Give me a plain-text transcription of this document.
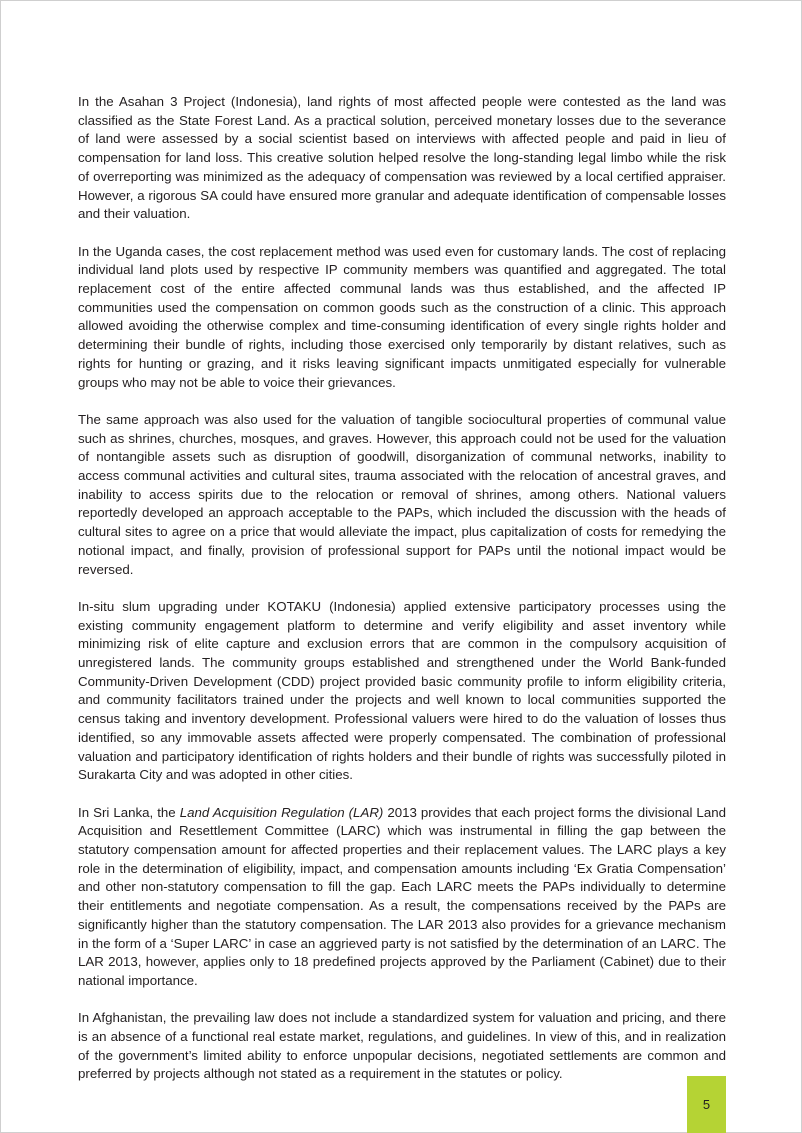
In the Asahan 3 Project (Indonesia), land rights of most affected people were contested as the land was classified as the State Forest Land. As a practical solution, perceived monetary losses due to the severance of land were assessed by a social scientist based on interviews with affected people and paid in lieu of compensation for land loss. This creative solution helped resolve the long-standing legal limbo while the risk of overreporting was minimized as the adequacy of compensation was reviewed by a local certified appraiser. However, a rigorous SA could have ensured more granular and adequate identification of compensable losses and their valuation.

In the Uganda cases, the cost replacement method was used even for customary lands. The cost of replacing individual land plots used by respective IP community members was quantified and aggregated. The total replacement cost of the entire affected communal lands was thus established, and the affected IP communities used the compensation on common goods such as the construction of a clinic. This approach allowed avoiding the otherwise complex and time-consuming identification of every single rights holder and determining their bundle of rights, including those exercised only temporarily by distant relatives, such as rights for hunting or grazing, and it risks leaving significant impacts unmitigated especially for vulnerable groups who may not be able to voice their grievances.

The same approach was also used for the valuation of tangible sociocultural properties of communal value such as shrines, churches, mosques, and graves. However, this approach could not be used for the valuation of nontangible assets such as disruption of goodwill, disorganization of communal networks, inability to access communal activities and cultural sites, trauma associated with the relocation of ancestral graves, and inability to access spirits due to the relocation or removal of shrines, among others. National valuers reportedly developed an approach acceptable to the PAPs, which included the discussion with the heads of cultural sites to agree on a price that would alleviate the impact, plus capitalization of costs for remedying the notional impact, and finally, provision of professional support for PAPs until the notional impact would be reversed.

In-situ slum upgrading under KOTAKU (Indonesia) applied extensive participatory processes using the existing community engagement platform to determine and verify eligibility and asset inventory while minimizing risk of elite capture and exclusion errors that are common in the compulsory acquisition of unregistered lands. The community groups established and strengthened under the World Bank-funded Community-Driven Development (CDD) project provided basic community profile to inform eligibility criteria, and community facilitators trained under the projects and well known to local communities supported the census taking and inventory development. Professional valuers were hired to do the valuation of losses thus identified, so any immovable assets affected were properly compensated. The combination of professional valuation and participatory identification of rights holders and their bundle of rights was successfully piloted in Surakarta City and was adopted in other cities.

In Sri Lanka, the Land Acquisition Regulation (LAR) 2013 provides that each project forms the divisional Land Acquisition and Resettlement Committee (LARC) which was instrumental in filling the gap between the statutory compensation amount for affected properties and their replacement values. The LARC plays a key role in the determination of eligibility, impact, and compensation amounts including ‘Ex Gratia Compensation’ and other non-statutory compensation to fill the gap. Each LARC meets the PAPs individually to determine their entitlements and negotiate compensation. As a result, the compensations received by the PAPs are significantly higher than the statutory compensation. The LAR 2013 also provides for a grievance mechanism in the form of a ‘Super LARC’ in case an aggrieved party is not satisfied by the determination of an LARC. The LAR 2013, however, applies only to 18 predefined projects approved by the Parliament (Cabinet) due to their national importance.

In Afghanistan, the prevailing law does not include a standardized system for valuation and pricing, and there is an absence of a functional real estate market, regulations, and guidelines. In view of this, and in realization of the government’s limited ability to enforce unpopular decisions, negotiated settlements are common and preferred by projects although not stated as a requirement in the statutes or policy.

5
